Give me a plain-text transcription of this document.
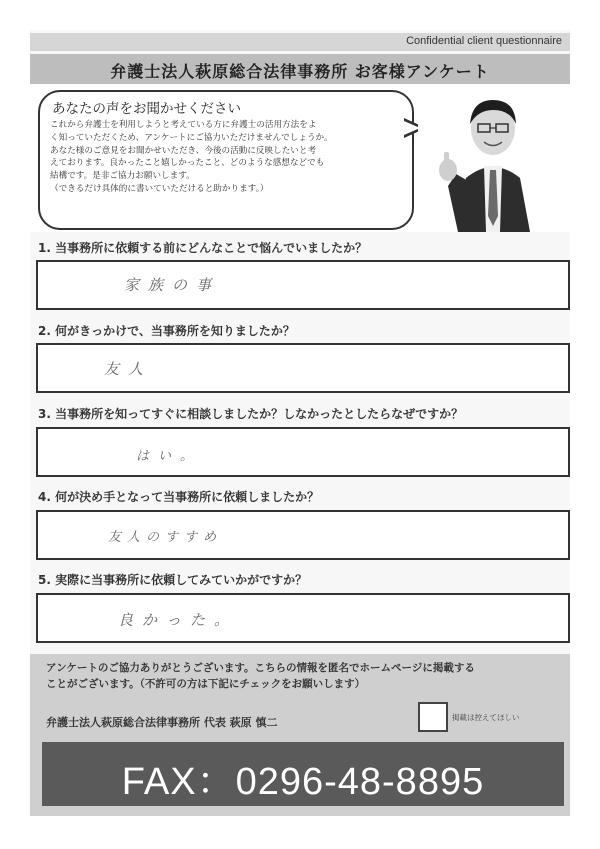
Confidential client questionnaire
弁護士法人萩原総合法律事務所 お客様アンケート
あなたの声をお聞かせください
これから弁護士を利用しようと考えている方に弁護士の活用方法をよ
く知っていただくため、アンケートにご協力いただけませんでしょうか。
あなた様のご意見をお聞かせいただき、今後の活動に反映したいと考
えております。良かったこと嬉しかったこと、どのような感想などでも
結構です。是非ご協力お願いします。
（できるだけ具体的に書いていただけると助かります。）
1. 当事務所に依頼する前にどんなことで悩んでいましたか？
家族の事
2. 何がきっかけで、当事務所を知りましたか？
友人
3. 当事務所を知ってすぐに相談しましたか？しなかったとしたらなぜですか？
はい。
4. 何が決め手となって当事務所に依頼しましたか？
友人のすすめ
5. 実際に当事務所に依頼してみていかがですか？
良かった。
アンケートのご協力ありがとうございます。こちらの情報を匿名でホームページに掲載する
ことがございます。（不許可の方は下記にチェックをお願いします）
弁護士法人萩原総合法律事務所 代表 萩原 慎二	掲載は控えてほしい
FAX：0296-48-8895
